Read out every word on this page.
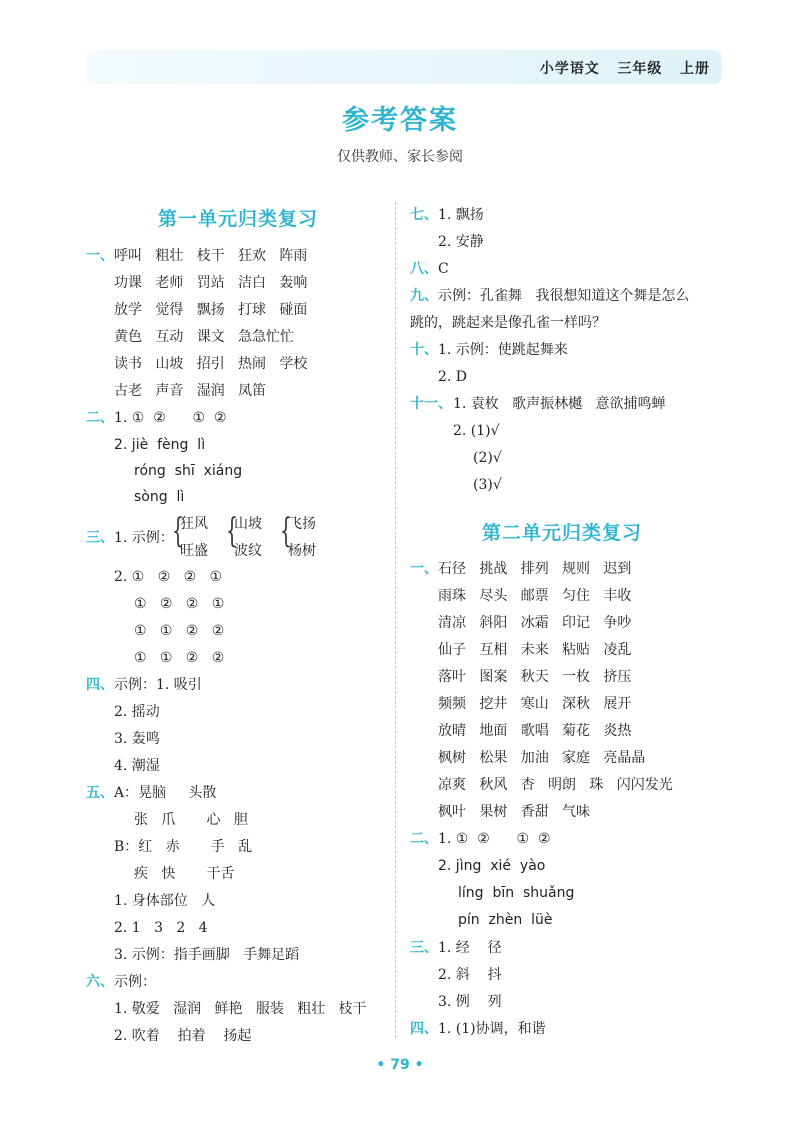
小学语文   三年级   上册
参考答案
仅供教师、家长参阅
第一单元归类复习
一、 呼叫   粗壮   枝干   狂欢   阵雨
功课   老师   罚站   洁白   轰响
放学   觉得   飘扬   打球   碰面
黄色   互动   课文   急急忙忙
读书   山坡   招引   热闹   学校
古老   声音   湿润   凤笛
二、 1. ①  ②      ①  ②
2. jiè  fèng  lì
róng  shī  xiáng
sòng  lì
三、 1. 示例：
{
狂风
旺盛 {
山坡
波纹 {
飞扬
杨树
2. ①   ②   ②   ①
①   ②   ②   ①
①   ①   ②   ②
①   ①   ②   ②
四、 示例：1. 吸引
2. 摇动
3. 轰鸣
4. 潮湿
五、 A：晃脑     头散
张   爪       心   胆
B：红   赤       手   乱
疾   快       干舌
1. 身体部位   人
2. 1   3   2   4
3. 示例：指手画脚   手舞足蹈
六、 示例：
1. 敬爱   湿润   鲜艳   服装   粗壮   枝干
2. 吹着    拍着    扬起
七、 1. 飘扬
2. 安静
八、 C
九、 示例：孔雀舞   我很想知道这个舞是怎么
跳的，跳起来是像孔雀一样吗？
十、 1. 示例：使跳起舞来
2. D
十一、 1. 袁枚   歌声振林樾   意欲捕鸣蝉
2. (1)√
(2)√
(3)√
第二单元归类复习
一、 石径   挑战   排列   规则   迟到
雨珠   尽头   邮票   匀住   丰收
清凉   斜阳   冰霜   印记   争吵
仙子   互相   未来   粘贴   凌乱
落叶   图案   秋天   一枚   挤压
频频   挖井   寒山   深秋   展开
放晴   地面   歌唱   菊花   炎热
枫树   松果   加油   家庭   亮晶晶
凉爽   秋风   杏   明朗   珠   闪闪发光
枫叶   果树   香甜   气味
二、 1. ①  ②      ①  ②
2. jìng  xié  yào
líng  bīn  shuǎng
pín  zhèn  lüè
三、 1. 经    径
2. 斜    抖
3. 例    列
四、 1. (1)协调，和谐
• 79 •
